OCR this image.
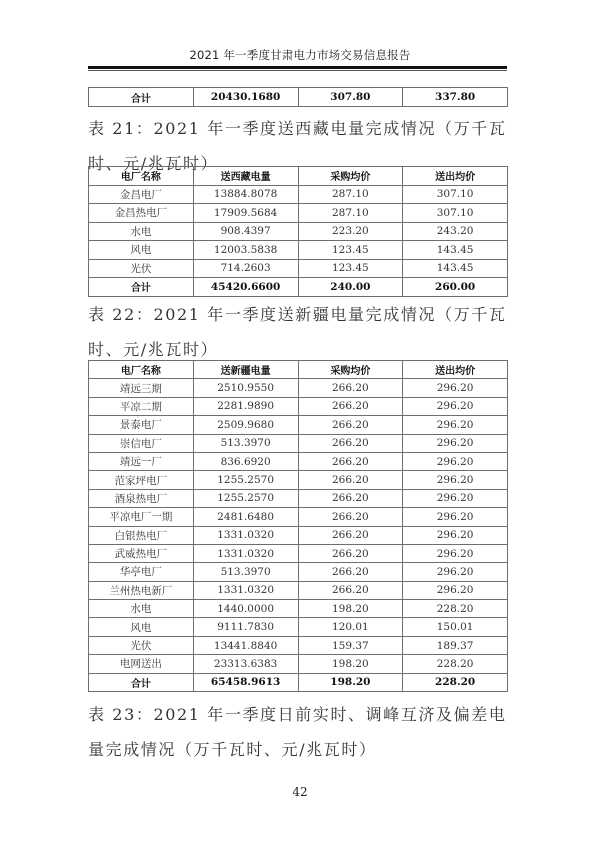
2021 年一季度甘肃电力市场交易信息报告
合计	20430.1680	307.80	337.80
表 21：2021 年一季度送西藏电量完成情况（万千瓦时、元/兆瓦时）
电厂名称	送西藏电量	采购均价	送出均价
金昌电厂	13884.8078	287.10	307.10
金昌热电厂	17909.5684	287.10	307.10
水电	908.4397	223.20	243.20
风电	12003.5838	123.45	143.45
光伏	714.2603	123.45	143.45
合计	45420.6600	240.00	260.00
表 22：2021 年一季度送新疆电量完成情况（万千瓦时、元/兆瓦时）
电厂名称	送新疆电量	采购均价	送出均价
靖远三期	2510.9550	266.20	296.20
平凉二期	2281.9890	266.20	296.20
景泰电厂	2509.9680	266.20	296.20
崇信电厂	513.3970	266.20	296.20
靖远一厂	836.6920	266.20	296.20
范家坪电厂	1255.2570	266.20	296.20
酒泉热电厂	1255.2570	266.20	296.20
平凉电厂一期	2481.6480	266.20	296.20
白银热电厂	1331.0320	266.20	296.20
武威热电厂	1331.0320	266.20	296.20
华亭电厂	513.3970	266.20	296.20
兰州热电新厂	1331.0320	266.20	296.20
水电	1440.0000	198.20	228.20
风电	9111.7830	120.01	150.01
光伏	13441.8840	159.37	189.37
电网送出	23313.6383	198.20	228.20
合计	65458.9613	198.20	228.20
表 23：2021 年一季度日前实时、调峰互济及偏差电量完成情况（万千瓦时、元/兆瓦时）
42
